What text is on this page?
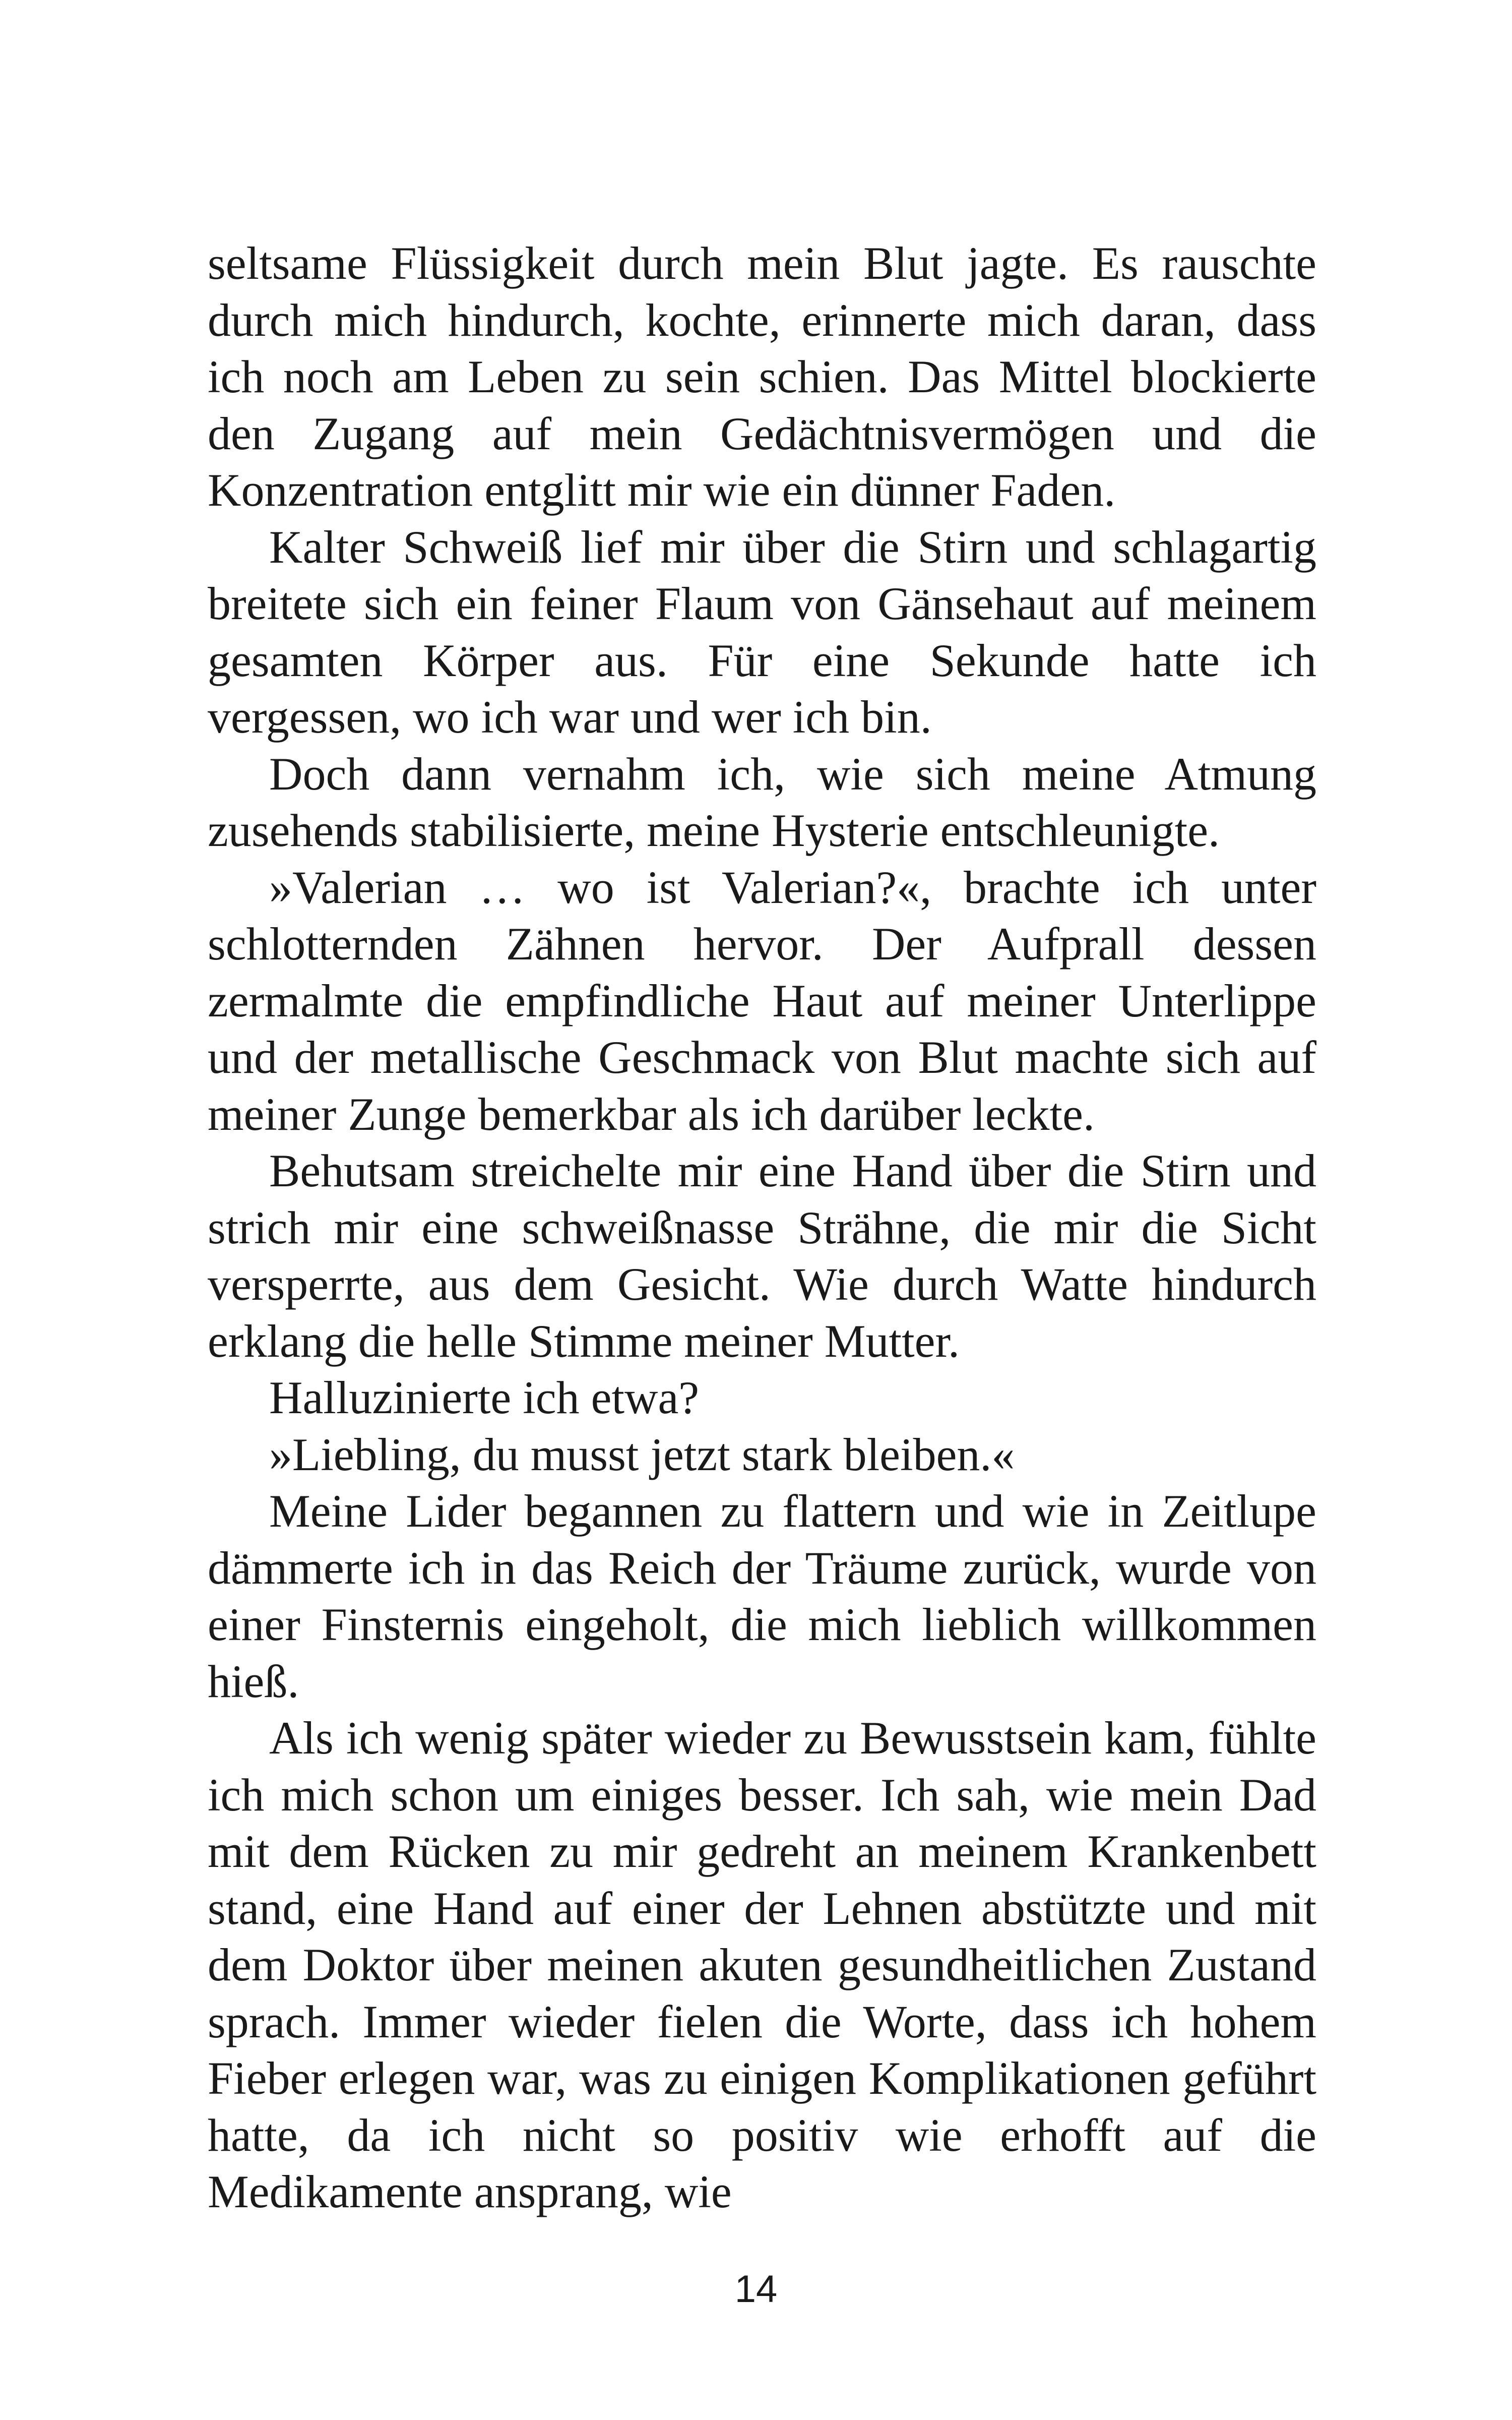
seltsame Flüssigkeit durch mein Blut jagte. Es rauschte durch mich hindurch, kochte, erinnerte mich daran, dass ich noch am Leben zu sein schien. Das Mittel blockierte den Zugang auf mein Gedächtnisvermögen und die Konzentration entglitt mir wie ein dünner Faden.

Kalter Schweiß lief mir über die Stirn und schlagartig breitete sich ein feiner Flaum von Gänsehaut auf meinem gesamten Körper aus. Für eine Sekunde hatte ich vergessen, wo ich war und wer ich bin.

Doch dann vernahm ich, wie sich meine Atmung zusehends stabilisierte, meine Hysterie entschleunigte.

»Valerian … wo ist Valerian?«, brachte ich unter schlotternden Zähnen hervor. Der Aufprall dessen zermalmte die empfindliche Haut auf meiner Unterlippe und der metallische Geschmack von Blut machte sich auf meiner Zunge bemerkbar als ich darüber leckte.

Behutsam streichelte mir eine Hand über die Stirn und strich mir eine schweißnasse Strähne, die mir die Sicht versperrte, aus dem Gesicht. Wie durch Watte hindurch erklang die helle Stimme meiner Mutter.

Halluzinierte ich etwa?

»Liebling, du musst jetzt stark bleiben.«

Meine Lider begannen zu flattern und wie in Zeitlupe dämmerte ich in das Reich der Träume zurück, wurde von einer Finsternis eingeholt, die mich lieblich willkommen hieß.

Als ich wenig später wieder zu Bewusstsein kam, fühlte ich mich schon um einiges besser. Ich sah, wie mein Dad mit dem Rücken zu mir gedreht an meinem Krankenbett stand, eine Hand auf einer der Lehnen abstützte und mit dem Doktor über meinen akuten gesundheitlichen Zustand sprach. Immer wieder fielen die Worte, dass ich hohem Fieber erlegen war, was zu einigen Komplikationen geführt hatte, da ich nicht so positiv wie erhofft auf die Medikamente ansprang, wie

14
